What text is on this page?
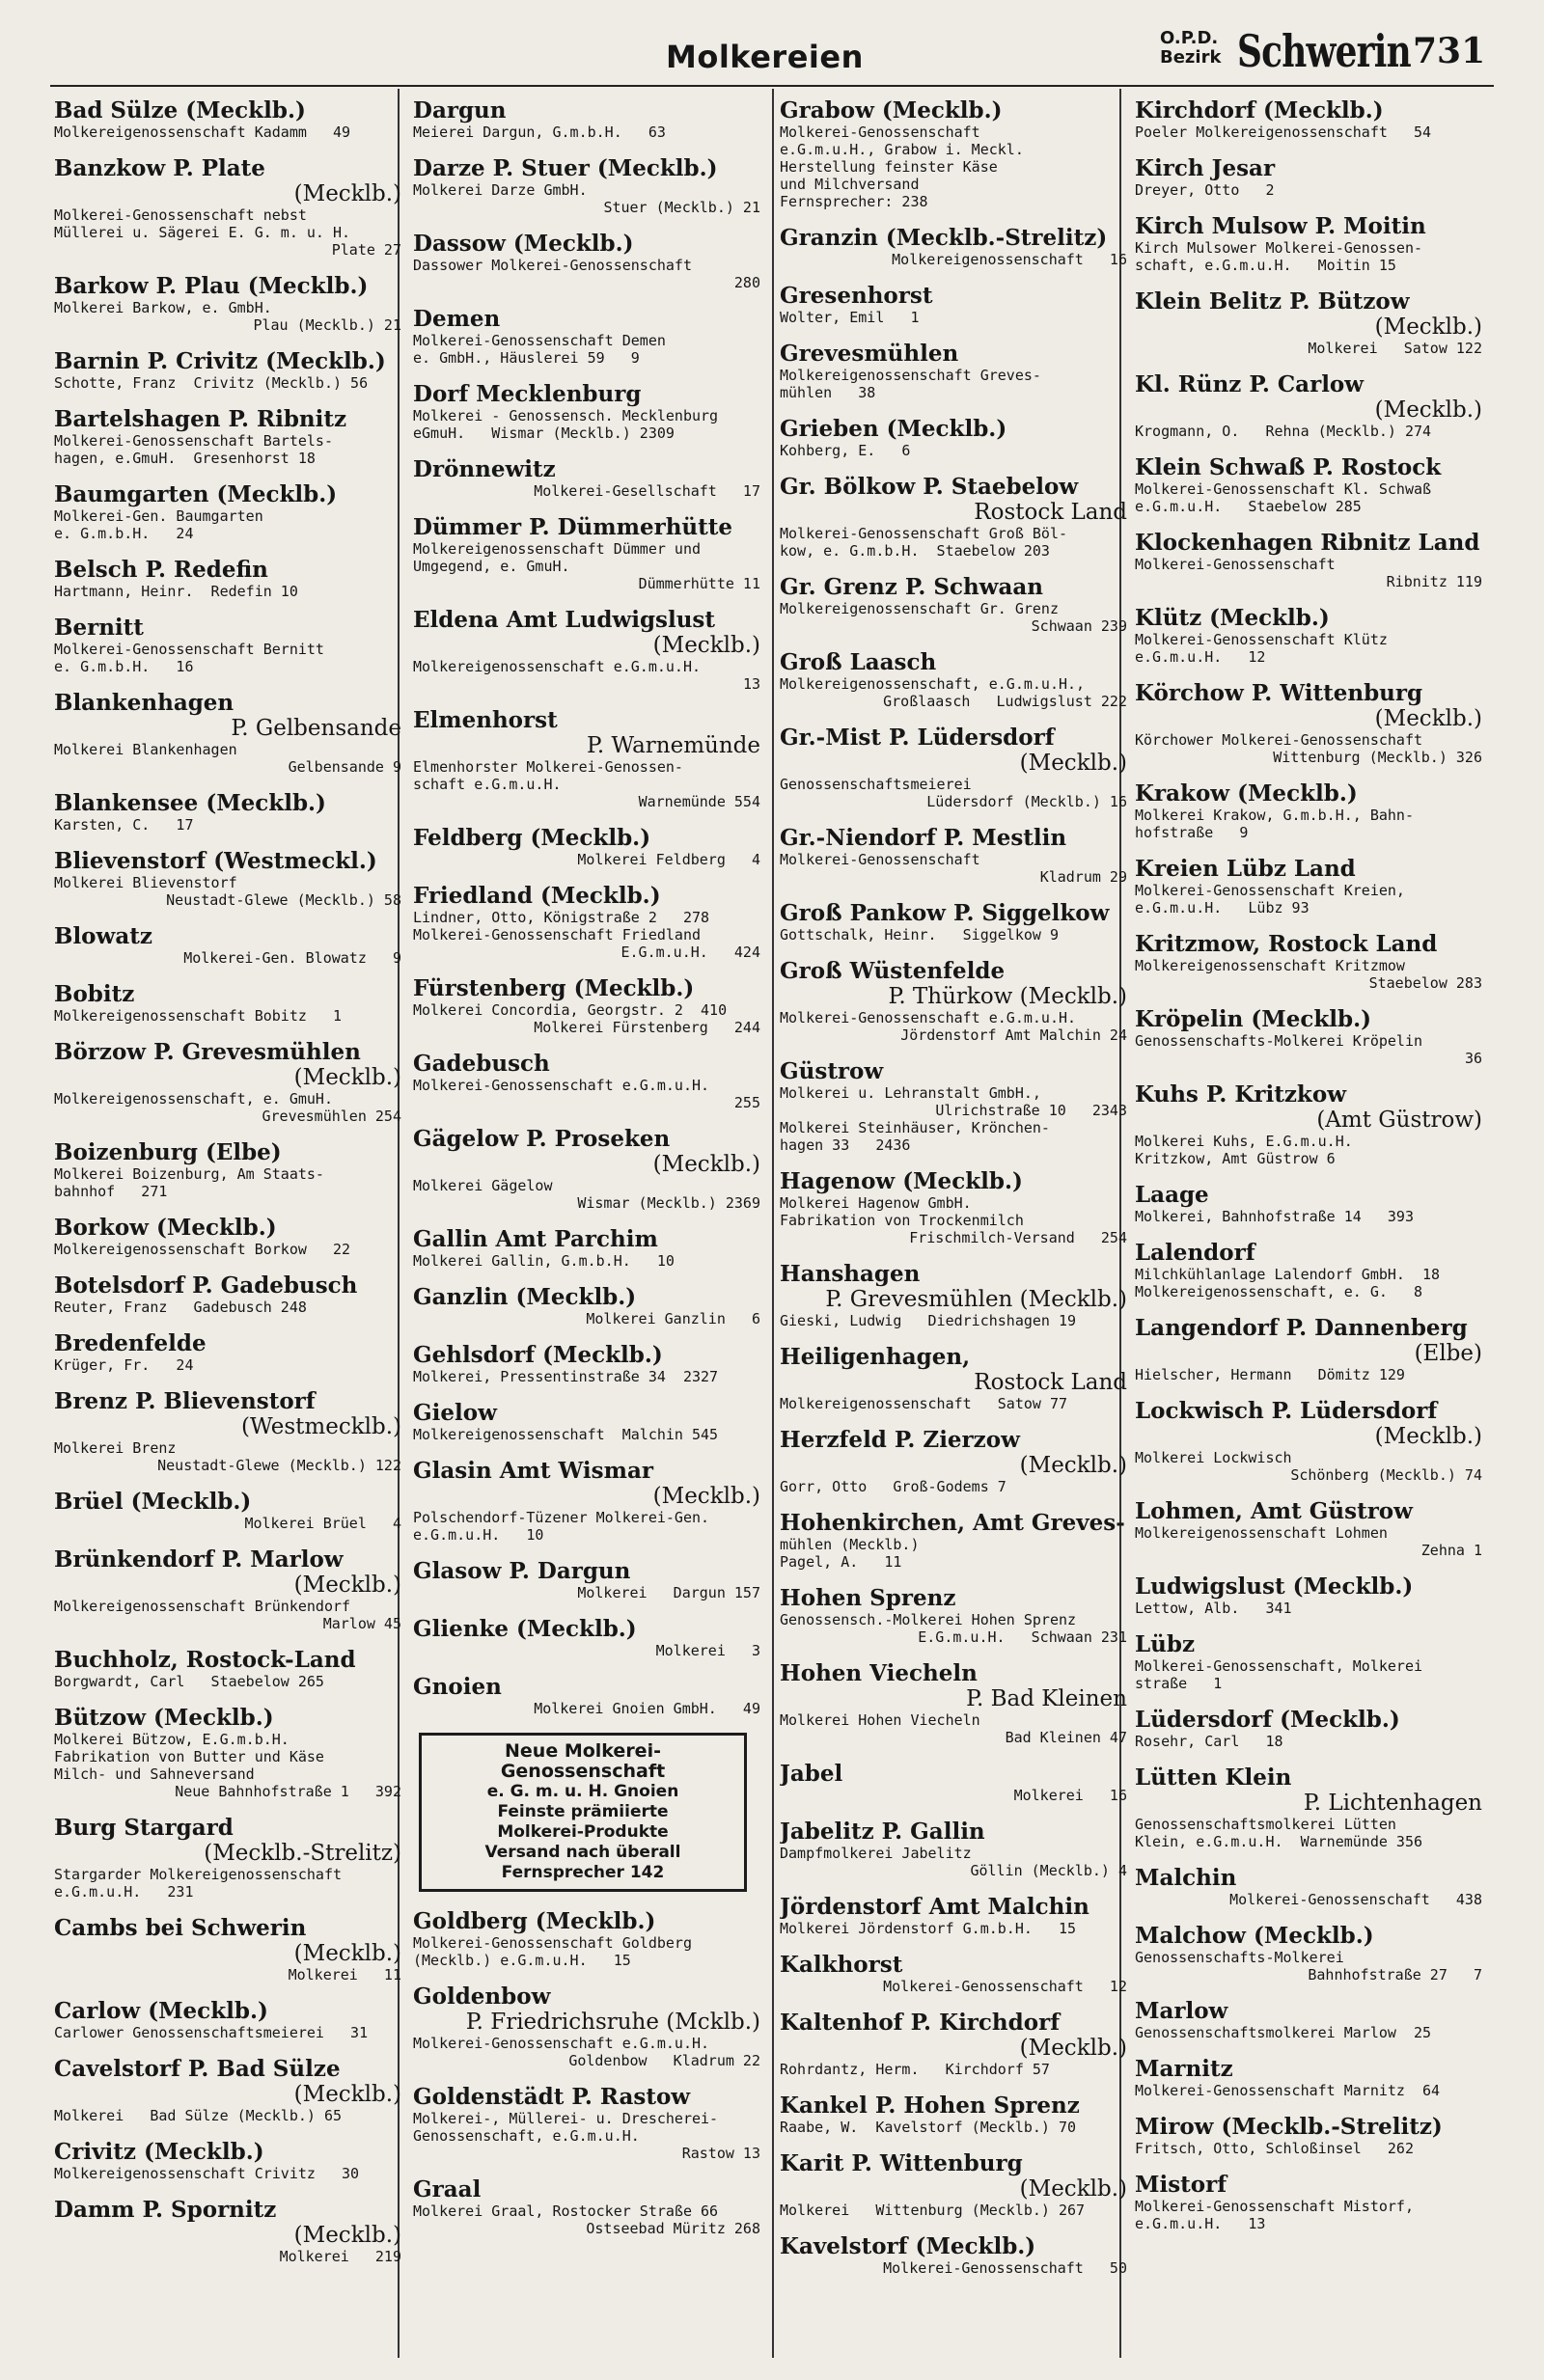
Molkereien
O.P.D.
Bezirk Schwerin 731
Bad Sülze (Mecklb.)
Molkereigenossenschaft Kadamm   49
Banzkow P. Plate
(Mecklb.)
Molkerei-Genossenschaft nebst
Müllerei u. Sägerei E. G. m. u. H.
Plate 27
Barkow P. Plau (Mecklb.)
Molkerei Barkow, e. GmbH.
Plau (Mecklb.) 21
Barnin P. Crivitz (Mecklb.)
Schotte, Franz  Crivitz (Mecklb.) 56
Bartelshagen P. Ribnitz
Molkerei-Genossenschaft Bartels-
hagen, e.GmuH.  Gresenhorst 18
Baumgarten (Mecklb.)
Molkerei-Gen. Baumgarten
e. G.m.b.H.   24
Belsch P. Redefin
Hartmann, Heinr.  Redefin 10
Bernitt
Molkerei-Genossenschaft Bernitt
e. G.m.b.H.   16
Blankenhagen
P. Gelbensande
Molkerei Blankenhagen
Gelbensande 9
Blankensee (Mecklb.)
Karsten, C.   17
Blievenstorf (Westmeckl.)
Molkerei Blievenstorf
Neustadt-Glewe (Mecklb.) 58
Blowatz
Molkerei-Gen. Blowatz   9
Bobitz
Molkereigenossenschaft Bobitz   1
Börzow P. Grevesmühlen
(Mecklb.)
Molkereigenossenschaft, e. GmuH.
Grevesmühlen 254
Boizenburg (Elbe)
Molkerei Boizenburg, Am Staats-
bahnhof   271
Borkow (Mecklb.)
Molkereigenossenschaft Borkow   22
Botelsdorf P. Gadebusch
Reuter, Franz   Gadebusch 248
Bredenfelde
Krüger, Fr.   24
Brenz P. Blievenstorf
(Westmecklb.)
Molkerei Brenz
Neustadt-Glewe (Mecklb.) 122
Brüel (Mecklb.)
Molkerei Brüel   4
Brünkendorf P. Marlow
(Mecklb.)
Molkereigenossenschaft Brünkendorf
Marlow 45
Buchholz, Rostock-Land
Borgwardt, Carl   Staebelow 265
Bützow (Mecklb.)
Molkerei Bützow, E.G.m.b.H.
Fabrikation von Butter und Käse
Milch- und Sahneversand
Neue Bahnhofstraße 1   392
Burg Stargard
(Mecklb.-Strelitz)
Stargarder Molkereigenossenschaft
e.G.m.u.H.   231
Cambs bei Schwerin
(Mecklb.)
Molkerei   11
Carlow (Mecklb.)
Carlower Genossenschaftsmeierei   31
Cavelstorf P. Bad Sülze
(Mecklb.)
Molkerei   Bad Sülze (Mecklb.) 65
Crivitz (Mecklb.)
Molkereigenossenschaft Crivitz   30
Damm P. Spornitz
(Mecklb.)
Molkerei   219
Dargun
Meierei Dargun, G.m.b.H.   63
Darze P. Stuer (Mecklb.)
Molkerei Darze GmbH.
Stuer (Mecklb.) 21
Dassow (Mecklb.)
Dassower Molkerei-Genossenschaft
280
Demen
Molkerei-Genossenschaft Demen
e. GmbH., Häuslerei 59   9
Dorf Mecklenburg
Molkerei - Genossensch. Mecklenburg
eGmuH.   Wismar (Mecklb.) 2309
Drönnewitz
Molkerei-Gesellschaft   17
Dümmer P. Dümmerhütte
Molkereigenossenschaft Dümmer und
Umgegend, e. GmuH.
Dümmerhütte 11
Eldena Amt Ludwigslust
(Mecklb.)
Molkereigenossenschaft e.G.m.u.H.
13
Elmenhorst
P. Warnemünde
Elmenhorster Molkerei-Genossen-
schaft e.G.m.u.H.
Warnemünde 554
Feldberg (Mecklb.)
Molkerei Feldberg   4
Friedland (Mecklb.)
Lindner, Otto, Königstraße 2   278
Molkerei-Genossenschaft Friedland
E.G.m.u.H.   424
Fürstenberg (Mecklb.)
Molkerei Concordia, Georgstr. 2  410
Molkerei Fürstenberg   244
Gadebusch
Molkerei-Genossenschaft e.G.m.u.H.
255
Gägelow P. Proseken
(Mecklb.)
Molkerei Gägelow
Wismar (Mecklb.) 2369
Gallin Amt Parchim
Molkerei Gallin, G.m.b.H.   10
Ganzlin (Mecklb.)
Molkerei Ganzlin   6
Gehlsdorf (Mecklb.)
Molkerei, Pressentinstraße 34  2327
Gielow
Molkereigenossenschaft  Malchin 545
Glasin Amt Wismar
(Mecklb.)
Polschendorf-Tüzener Molkerei-Gen.
e.G.m.u.H.   10
Glasow P. Dargun
Molkerei   Dargun 157
Glienke (Mecklb.)
Molkerei   3
Gnoien
Molkerei Gnoien GmbH.   49
Neue Molkerei-Genossenschaft
e. G. m. u. H. Gnoien
Feinste prämiierte
Molkerei-Produkte
Versand nach überall
Fernsprecher 142
Goldberg (Mecklb.)
Molkerei-Genossenschaft Goldberg
(Mecklb.) e.G.m.u.H.   15
Goldenbow
P. Friedrichsruhe (Mcklb.)
Molkerei-Genossenschaft e.G.m.u.H.
Goldenbow   Kladrum 22
Goldenstädt P. Rastow
Molkerei-, Müllerei- u. Drescherei-
Genossenschaft, e.G.m.u.H.
Rastow 13
Graal
Molkerei Graal, Rostocker Straße 66
Ostseebad Müritz 268
Grabow (Mecklb.)
Molkerei-Genossenschaft
e.G.m.u.H., Grabow i. Meckl.
Herstellung feinster Käse
und Milchversand
Fernsprecher: 238
Granzin (Mecklb.-Strelitz)
Molkereigenossenschaft   16
Gresenhorst
Wolter, Emil   1
Grevesmühlen
Molkereigenossenschaft Greves-
mühlen   38
Grieben (Mecklb.)
Kohberg, E.   6
Gr. Bölkow P. Staebelow
Rostock Land
Molkerei-Genossenschaft Groß Böl-
kow, e. G.m.b.H.  Staebelow 203
Gr. Grenz P. Schwaan
Molkereigenossenschaft Gr. Grenz
Schwaan 239
Groß Laasch
Molkereigenossenschaft, e.G.m.u.H.,
Großlaasch   Ludwigslust 222
Gr.-Mist P. Lüdersdorf
(Mecklb.)
Genossenschaftsmeierei
Lüdersdorf (Mecklb.) 16
Gr.-Niendorf P. Mestlin
Molkerei-Genossenschaft
Kladrum 29
Groß Pankow P. Siggelkow
Gottschalk, Heinr.   Siggelkow 9
Groß Wüstenfelde
P. Thürkow (Mecklb.)
Molkerei-Genossenschaft e.G.m.u.H.
Jördenstorf Amt Malchin 24
Güstrow
Molkerei u. Lehranstalt GmbH.,
Ulrichstraße 10   2343
Molkerei Steinhäuser, Krönchen-
hagen 33   2436
Hagenow (Mecklb.)
Molkerei Hagenow GmbH.
Fabrikation von Trockenmilch
Frischmilch-Versand   254
Hanshagen
P. Grevesmühlen (Mecklb.)
Gieski, Ludwig   Diedrichshagen 19
Heiligenhagen,
Rostock Land
Molkereigenossenschaft   Satow 77
Herzfeld P. Zierzow
(Mecklb.)
Gorr, Otto   Groß-Godems 7
Hohenkirchen, Amt Greves-
mühlen (Mecklb.)
Pagel, A.   11
Hohen Sprenz
Genossensch.-Molkerei Hohen Sprenz
E.G.m.u.H.   Schwaan 231
Hohen Viecheln
P. Bad Kleinen
Molkerei Hohen Viecheln
Bad Kleinen 47
Jabel
Molkerei   16
Jabelitz P. Gallin
Dampfmolkerei Jabelitz
Göllin (Mecklb.) 4
Jördenstorf Amt Malchin
Molkerei Jördenstorf G.m.b.H.   15
Kalkhorst
Molkerei-Genossenschaft   12
Kaltenhof P. Kirchdorf
(Mecklb.)
Rohrdantz, Herm.   Kirchdorf 57
Kankel P. Hohen Sprenz
Raabe, W.  Kavelstorf (Mecklb.) 70
Karit P. Wittenburg
(Mecklb.)
Molkerei   Wittenburg (Mecklb.) 267
Kavelstorf (Mecklb.)
Molkerei-Genossenschaft   50
Kirchdorf (Mecklb.)
Poeler Molkereigenossenschaft   54
Kirch Jesar
Dreyer, Otto   2
Kirch Mulsow P. Moitin
Kirch Mulsower Molkerei-Genossen-
schaft, e.G.m.u.H.   Moitin 15
Klein Belitz P. Bützow
(Mecklb.)
Molkerei   Satow 122
Kl. Rünz P. Carlow
(Mecklb.)
Krogmann, O.   Rehna (Mecklb.) 274
Klein Schwaß P. Rostock
Molkerei-Genossenschaft Kl. Schwaß
e.G.m.u.H.   Staebelow 285
Klockenhagen Ribnitz Land
Molkerei-Genossenschaft
Ribnitz 119
Klütz (Mecklb.)
Molkerei-Genossenschaft Klütz
e.G.m.u.H.   12
Körchow P. Wittenburg
(Mecklb.)
Körchower Molkerei-Genossenschaft
Wittenburg (Mecklb.) 326
Krakow (Mecklb.)
Molkerei Krakow, G.m.b.H., Bahn-
hofstraße   9
Kreien Lübz Land
Molkerei-Genossenschaft Kreien,
e.G.m.u.H.   Lübz 93
Kritzmow, Rostock Land
Molkereigenossenschaft Kritzmow
Staebelow 283
Kröpelin (Mecklb.)
Genossenschafts-Molkerei Kröpelin
36
Kuhs P. Kritzkow
(Amt Güstrow)
Molkerei Kuhs, E.G.m.u.H.
Kritzkow, Amt Güstrow 6
Laage
Molkerei, Bahnhofstraße 14   393
Lalendorf
Milchkühlanlage Lalendorf GmbH.  18
Molkereigenossenschaft, e. G.   8
Langendorf P. Dannenberg
(Elbe)
Hielscher, Hermann   Dömitz 129
Lockwisch P. Lüdersdorf
(Mecklb.)
Molkerei Lockwisch
Schönberg (Mecklb.) 74
Lohmen, Amt Güstrow
Molkereigenossenschaft Lohmen
Zehna 1
Ludwigslust (Mecklb.)
Lettow, Alb.   341
Lübz
Molkerei-Genossenschaft, Molkerei
straße   1
Lüdersdorf (Mecklb.)
Rosehr, Carl   18
Lütten Klein
P. Lichtenhagen
Genossenschaftsmolkerei Lütten
Klein, e.G.m.u.H.  Warnemünde 356
Malchin
Molkerei-Genossenschaft   438
Malchow (Mecklb.)
Genossenschafts-Molkerei
Bahnhofstraße 27   7
Marlow
Genossenschaftsmolkerei Marlow  25
Marnitz
Molkerei-Genossenschaft Marnitz  64
Mirow (Mecklb.-Strelitz)
Fritsch, Otto, Schloßinsel   262
Mistorf
Molkerei-Genossenschaft Mistorf,
e.G.m.u.H.   13
